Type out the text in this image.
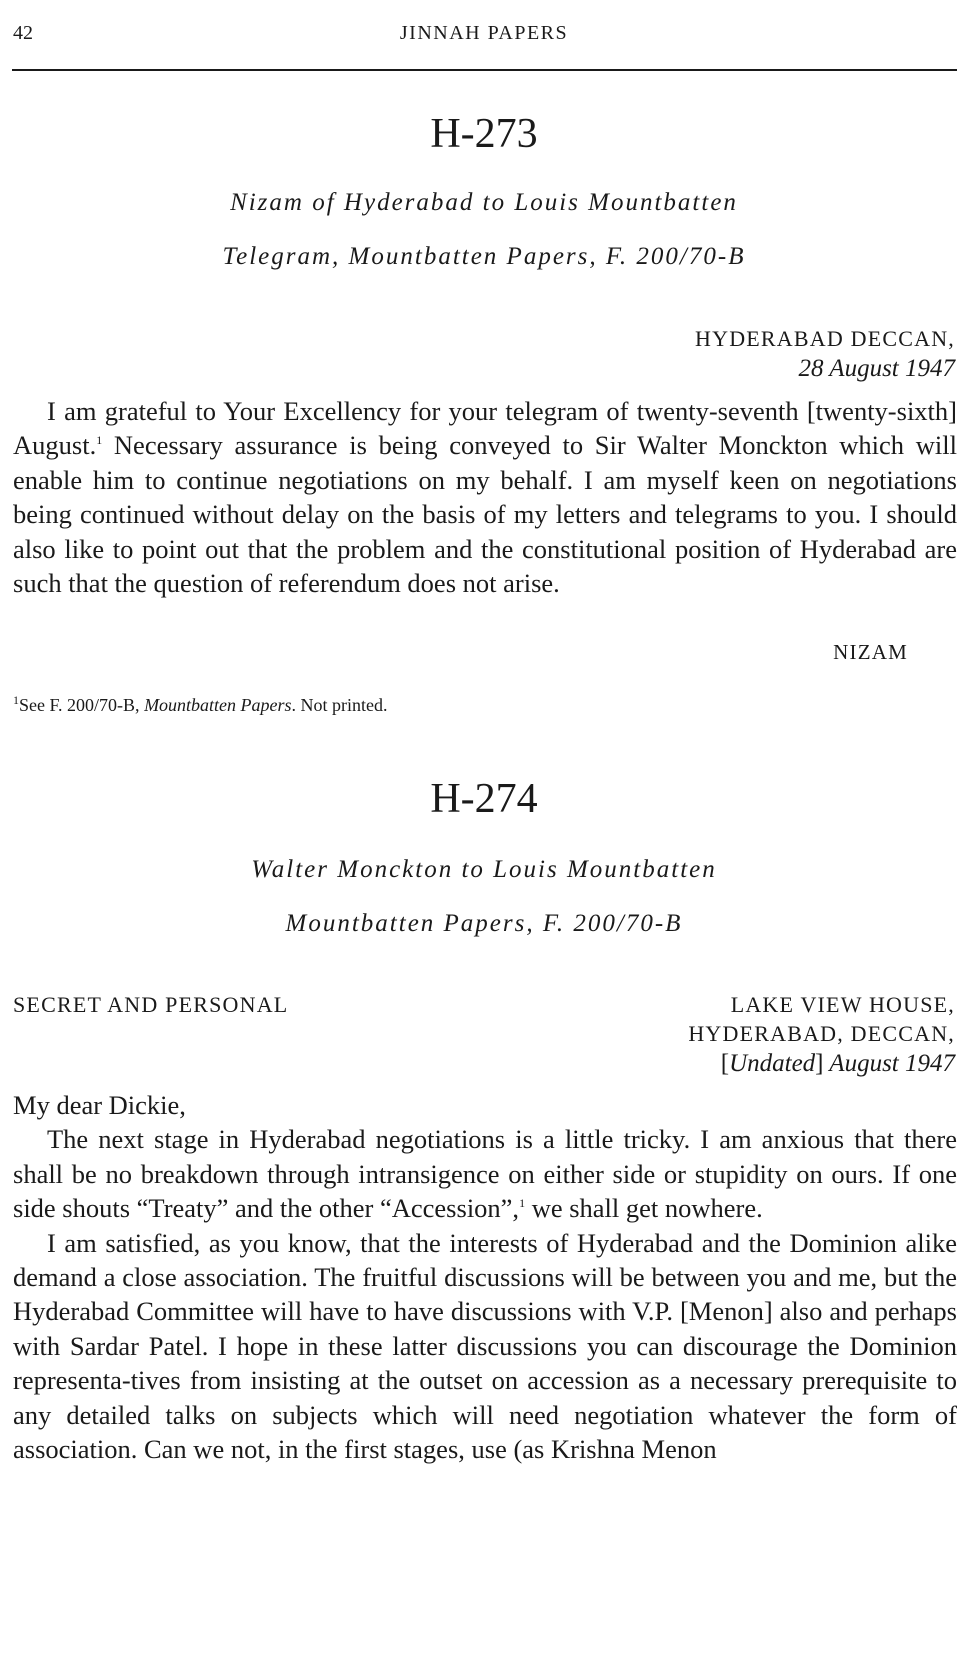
42	JINNAH PAPERS
H-273
Nizam of Hyderabad to Louis Mountbatten
Telegram, Mountbatten Papers, F. 200/70-B
HYDERABAD DECCAN,
28 August 1947

I am grateful to Your Excellency for your telegram of twenty-seventh [twenty-sixth] August.$^1$ Necessary assurance is being conveyed to Sir Walter Monckton which will enable him to continue negotiations on my behalf. I am myself keen on negotiations being continued without delay on the basis of my letters and telegrams to you. I should also like to point out that the problem and the constitutional position of Hyderabad are such that the question of referendum does not arise.

NIZAM
$^1$See F. 200/70-B, Mountbatten Papers. Not printed.
H-274
Walter Monckton to Louis Mountbatten
Mountbatten Papers, F. 200/70-B
SECRET AND PERSONAL	LAKE VIEW HOUSE,
HYDERABAD, DECCAN,
[Undated] August 1947

My dear Dickie,

The next stage in Hyderabad negotiations is a little tricky. I am anxious that there shall be no breakdown through intransigence on either side or stupidity on ours. If one side shouts “Treaty” and the other “Accession”,$^1$ we shall get nowhere.

I am satisfied, as you know, that the interests of Hyderabad and the Dominion alike demand a close association. The fruitful discussions will be between you and me, but the Hyderabad Committee will have to have discussions with V.P. [Menon] also and perhaps with Sardar Patel. I hope in these latter discussions you can discourage the Dominion representa-tives from insisting at the outset on accession as a necessary prerequisite to any detailed talks on subjects which will need negotiation whatever the form of association. Can we not, in the first stages, use (as Krishna Menon
